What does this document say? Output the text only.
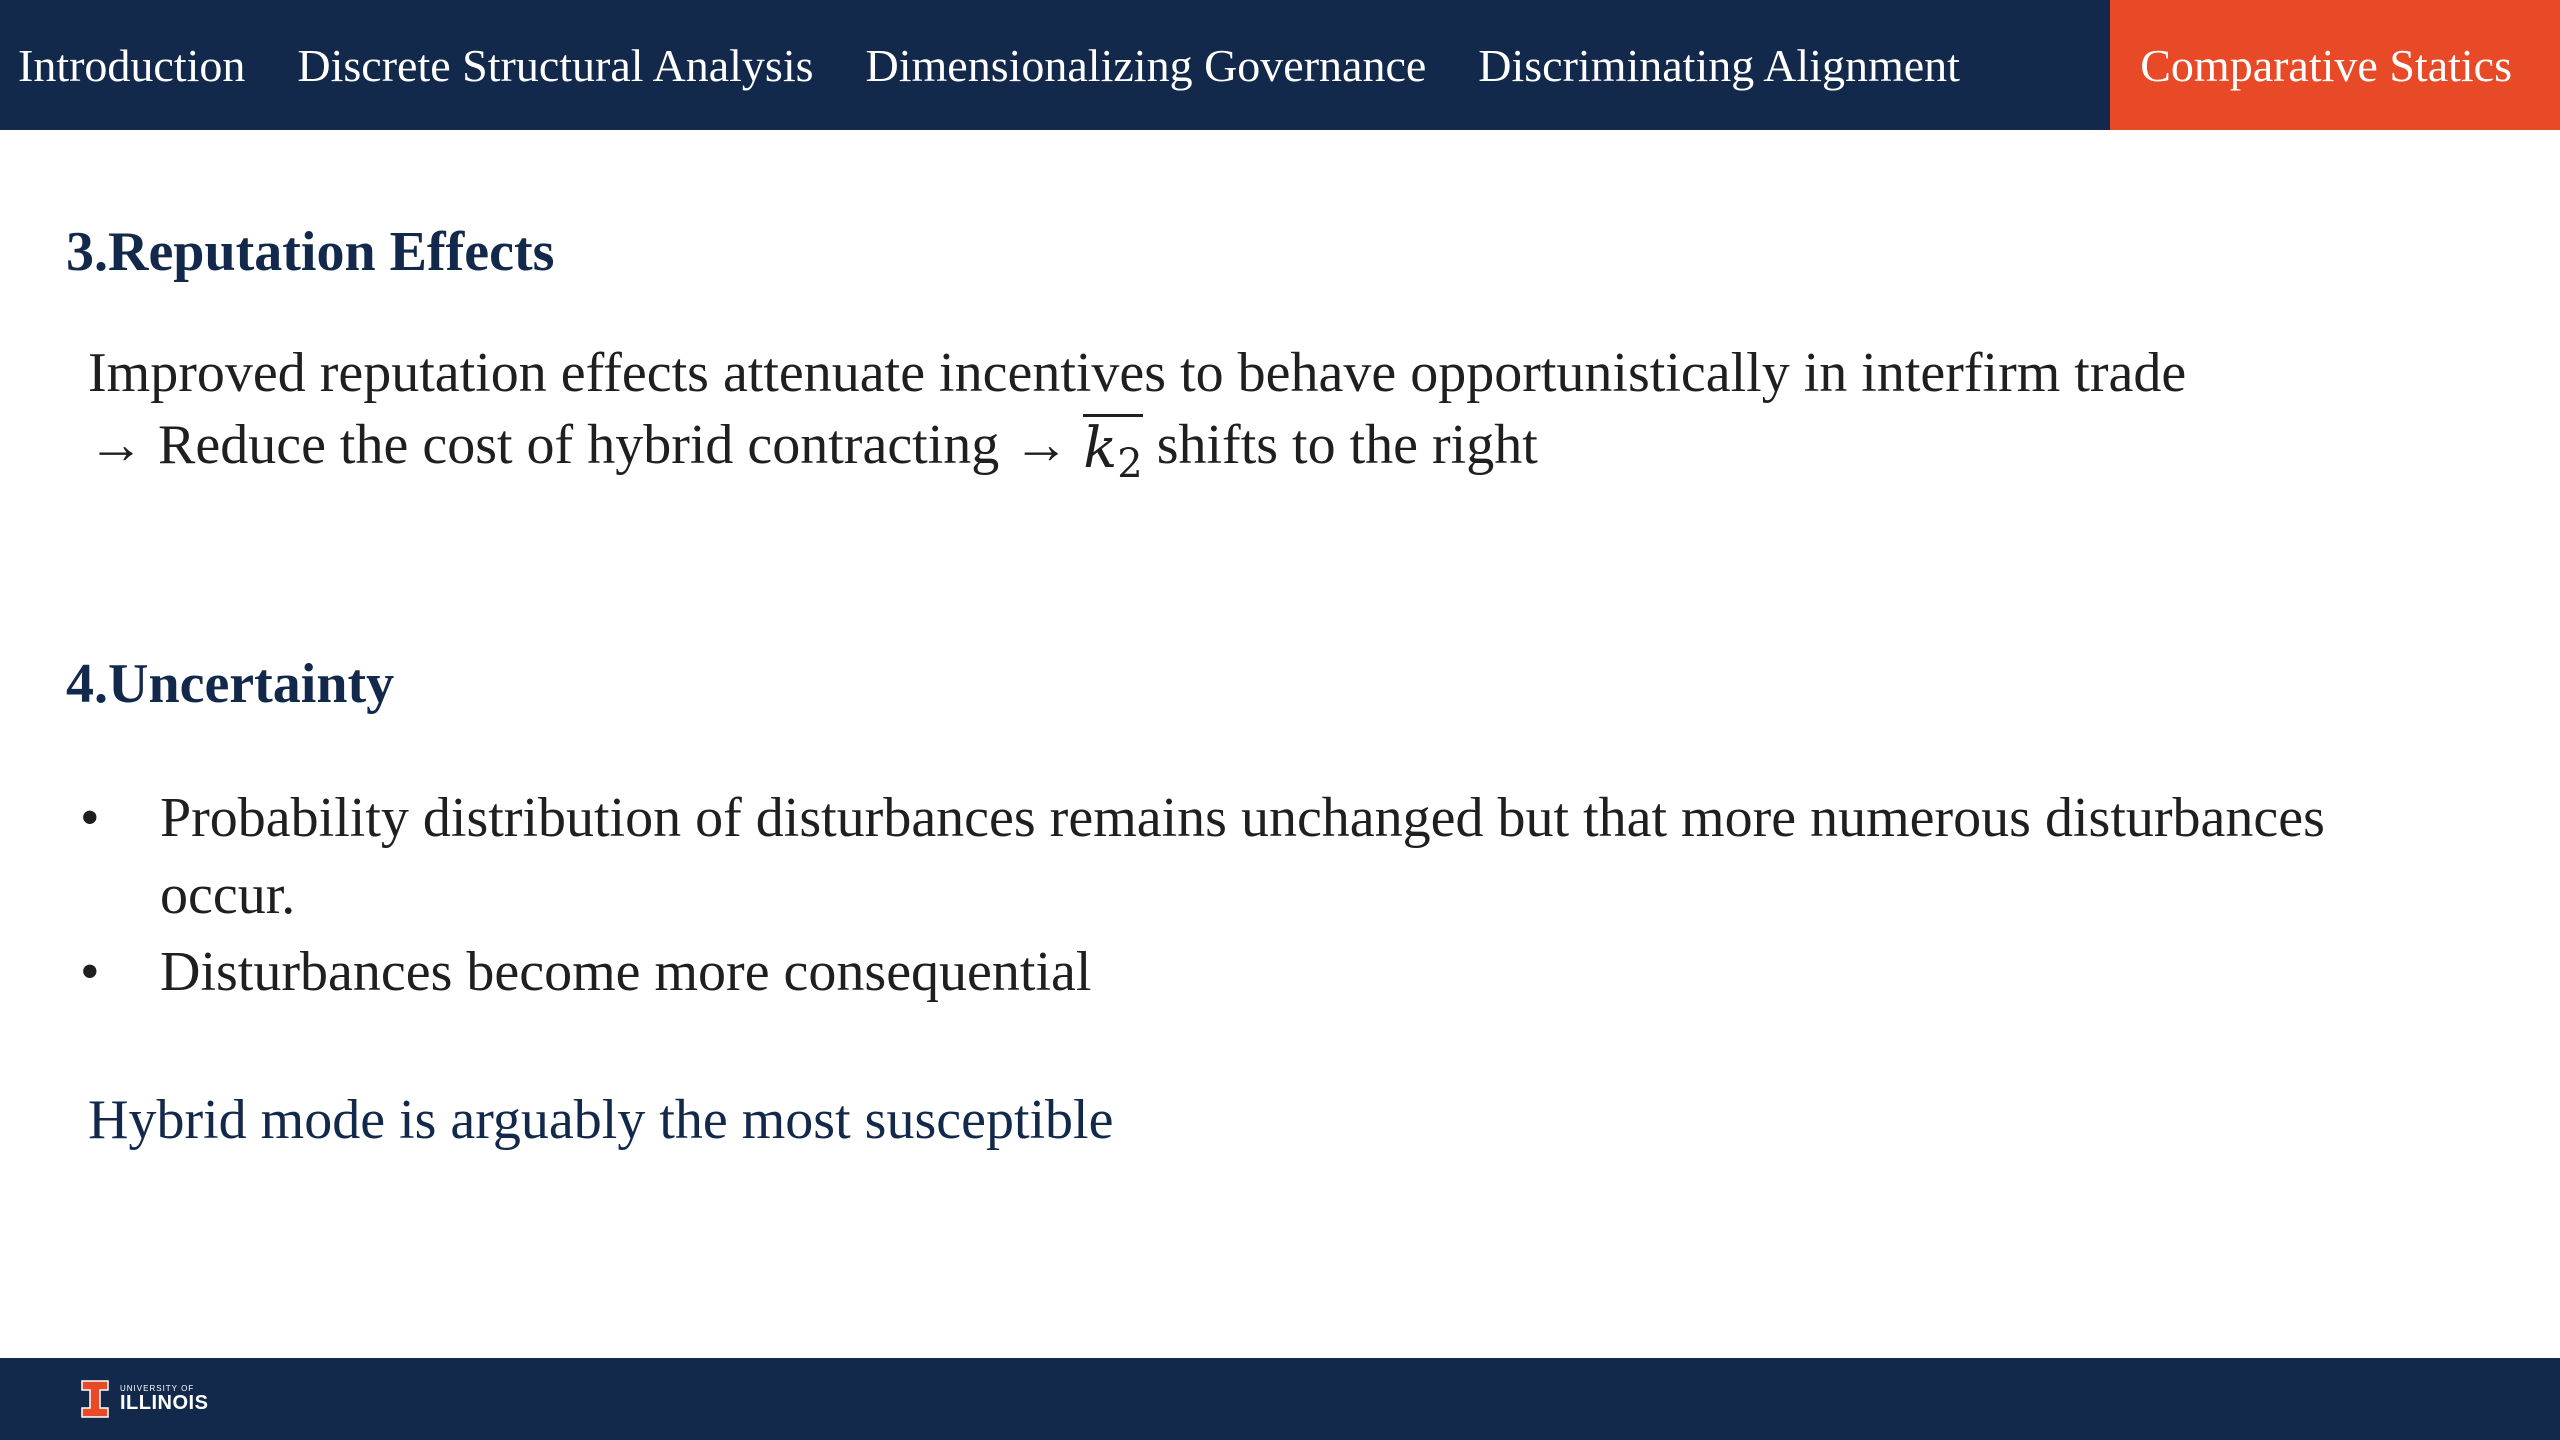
Introduction	Discrete Structural Analysis	Dimensionalizing Governance	Discriminating Alignment	Comparative Statics
3.Reputation Effects
Improved reputation effects attenuate incentives to behave opportunistically in interfirm trade
→ Reduce the cost of hybrid contracting → $k_2$ shifts to the right
4.Uncertainty
•	Probability distribution of disturbances remains unchanged but that more numerous disturbances occur.
•	Disturbances become more consequential
Hybrid mode is arguably the most susceptible
UNIVERSITY OF
ILLINOIS
